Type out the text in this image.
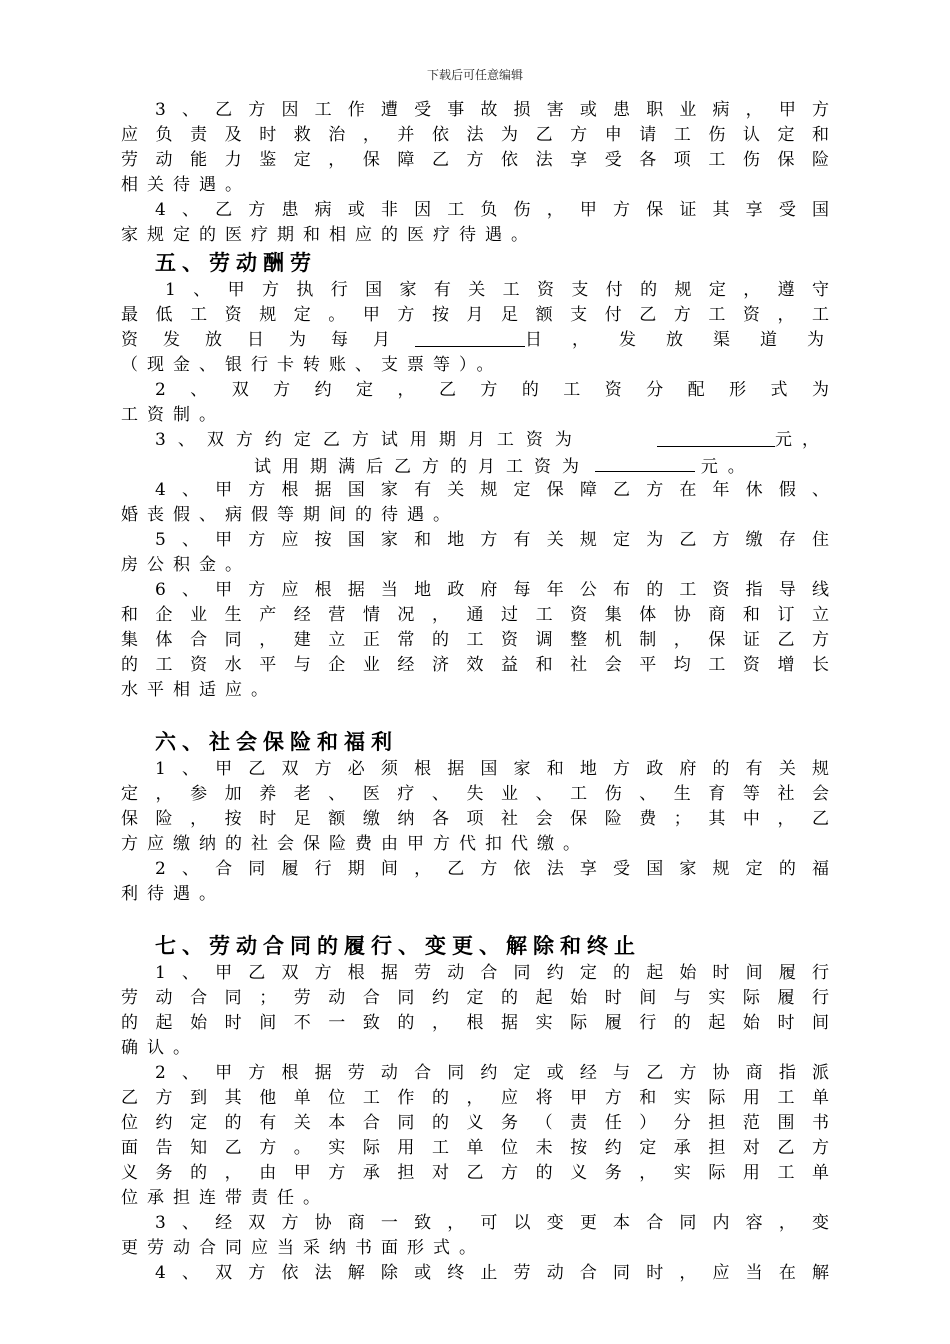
下载后可任意编辑
3、乙方因工作遭受事故损害或患职业病，甲方
应负责及时救治，并依法为乙方申请工伤认定和
劳动能力鉴定，保障乙方依法享受各项工伤保险
相关待遇。
4、乙方患病或非因工负伤，甲方保证其享受国
家规定的医疗期和相应的医疗待遇。
五、劳动酬劳
1、甲方执行国家有关工资支付的规定，遵守
最低工资规定。甲方按月足额支付乙方工资，工
资发放日为每月	日，发放渠道为
（现金、银行卡转账、支票等）。
2、双方约定，乙方的工资分配形式为
工资制。
3、双方约定乙方试用期月工资为	元，
试用期满后乙方的月工资为	元。
4、甲方根据国家有关规定保障乙方在年休假、
婚丧假、病假等期间的待遇。
5、甲方应按国家和地方有关规定为乙方缴存住
房公积金。
6、甲方应根据当地政府每年公布的工资指导线
和企业生产经营情况，通过工资集体协商和订立
集体合同，建立正常的工资调整机制，保证乙方
的工资水平与企业经济效益和社会平均工资增长
水平相适应。
六、社会保险和福利
1、甲乙双方必须根据国家和地方政府的有关规
定，参加养老、医疗、失业、工伤、生育等社会
保险，按时足额缴纳各项社会保险费；其中，乙
方应缴纳的社会保险费由甲方代扣代缴。
2、合同履行期间，乙方依法享受国家规定的福
利待遇。
七、劳动合同的履行、变更、解除和终止
1、甲乙双方根据劳动合同约定的起始时间履行
劳动合同；劳动合同约定的起始时间与实际履行
的起始时间不一致的，根据实际履行的起始时间
确认。
2、甲方根据劳动合同约定或经与乙方协商指派
乙方到其他单位工作的，应将甲方和实际用工单
位约定的有关本合同的义务（责任）分担范围书
面告知乙方。实际用工单位未按约定承担对乙方
义务的，由甲方承担对乙方的义务，实际用工单
位承担连带责任。
3、经双方协商一致，可以变更本合同内容，变
更劳动合同应当采纳书面形式。
4、双方依法解除或终止劳动合同时，应当在解
